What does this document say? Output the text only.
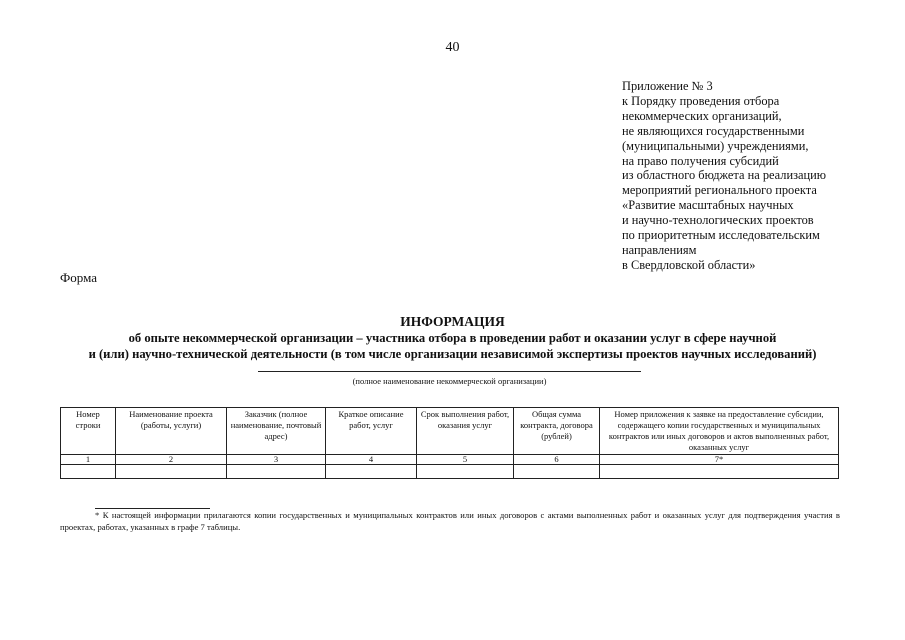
40
Приложение № 3
к Порядку проведения отбора
некоммерческих организаций,
не являющихся государственными
(муниципальными) учреждениями,
на право получения субсидий
из областного бюджета на реализацию
мероприятий регионального проекта
«Развитие масштабных научных
и научно-технологических проектов
по приоритетным исследовательским
направлениям
в Свердловской области»
Форма
ИНФОРМАЦИЯ
об опыте некоммерческой организации – участника отбора в проведении работ и оказании услуг в сфере научной
и (или) научно-технической деятельности (в том числе организации независимой экспертизы проектов научных исследований)
(полное наименование некоммерческой организации)
Номер строки	Наименование проекта (работы, услуги)	Заказчик (полное наименование, почтовый адрес)	Краткое описание работ, услуг	Срок выполнения работ, оказания услуг	Общая сумма контракта, договора (рублей)	Номер приложения к заявке на предоставление субсидии, содержащего копии государственных и муниципальных контрактов или иных договоров и актов выполненных работ, оказанных услуг
1	2	3	4	5	6	7*

* К настоящей информации прилагаются копии государственных и муниципальных контрактов или иных договоров с актами выполненных работ и оказанных услуг для подтверждения участия в проектах, работах, указанных в графе 7 таблицы.
